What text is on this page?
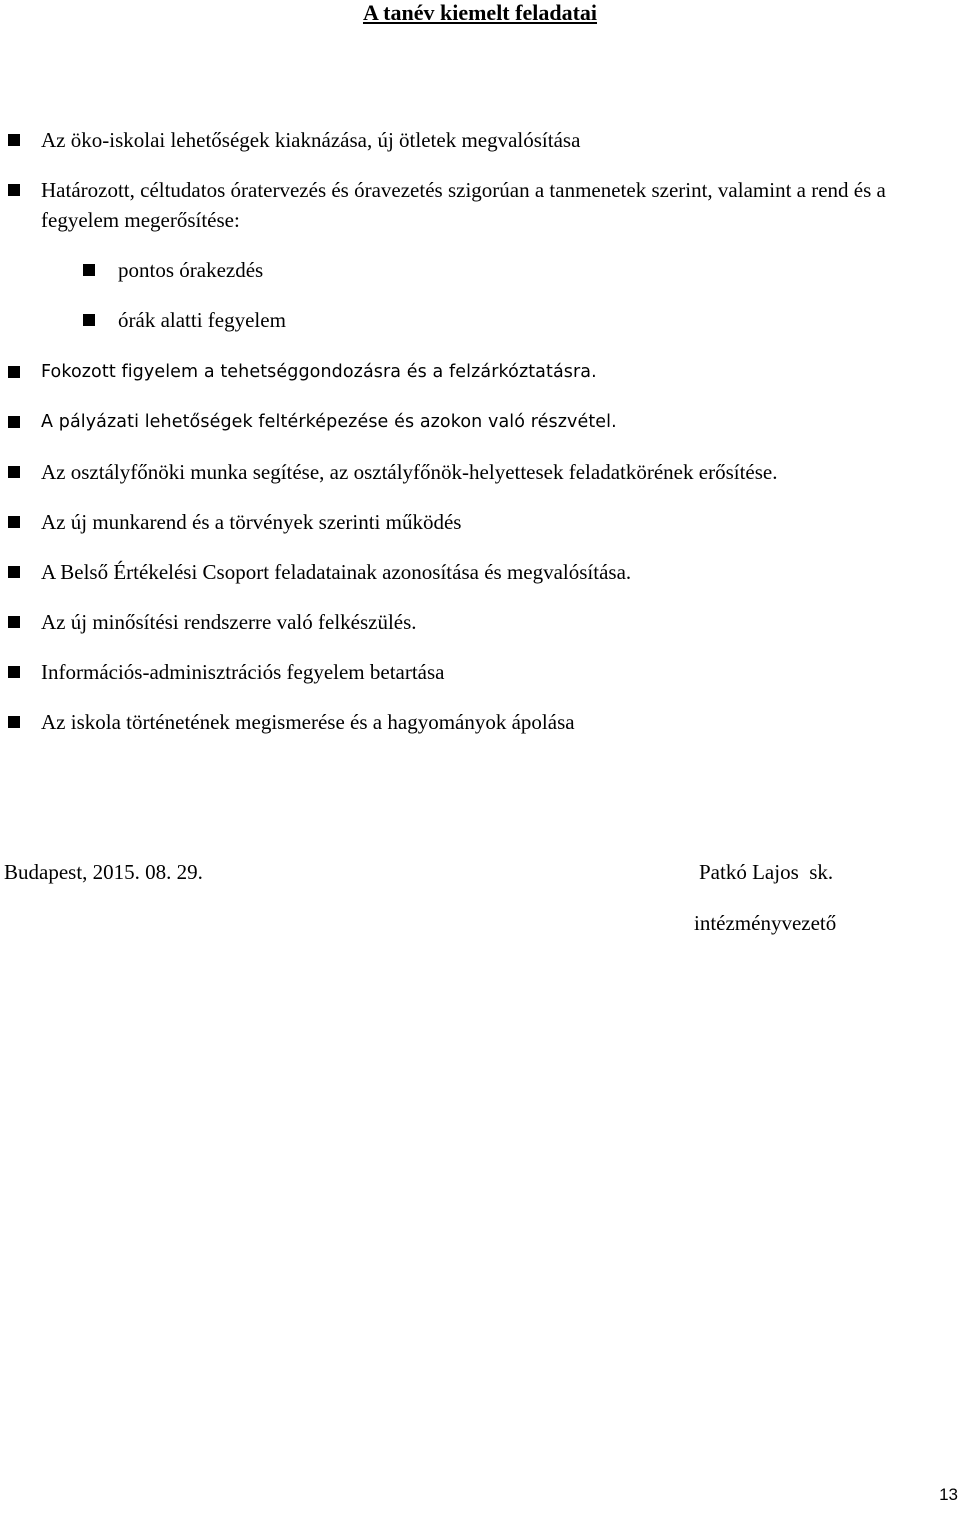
A tanév kiemelt feladatai
Az öko-iskolai lehetőségek kiaknázása, új ötletek megvalósítása
Határozott, céltudatos óratervezés és óravezetés szigorúan a tanmenetek szerint, valamint a rend és a fegyelem megerősítése:
pontos órakezdés
órák alatti fegyelem
Fokozott figyelem a tehetséggondozásra és a felzárkóztatásra.
A pályázati lehetőségek feltérképezése és azokon való részvétel.
Az osztályfőnöki munka segítése, az osztályfőnök-helyettesek feladatkörének erősítése.
Az új munkarend és a törvények szerinti működés
A Belső Értékelési Csoport feladatainak azonosítása és megvalósítása.
Az új minősítési rendszerre való felkészülés.
Információs-adminisztrációs fegyelem betartása
Az iskola történetének megismerése és a hagyományok ápolása
Budapest, 2015. 08. 29.	Patkó Lajos  sk.
intézményvezető
13
